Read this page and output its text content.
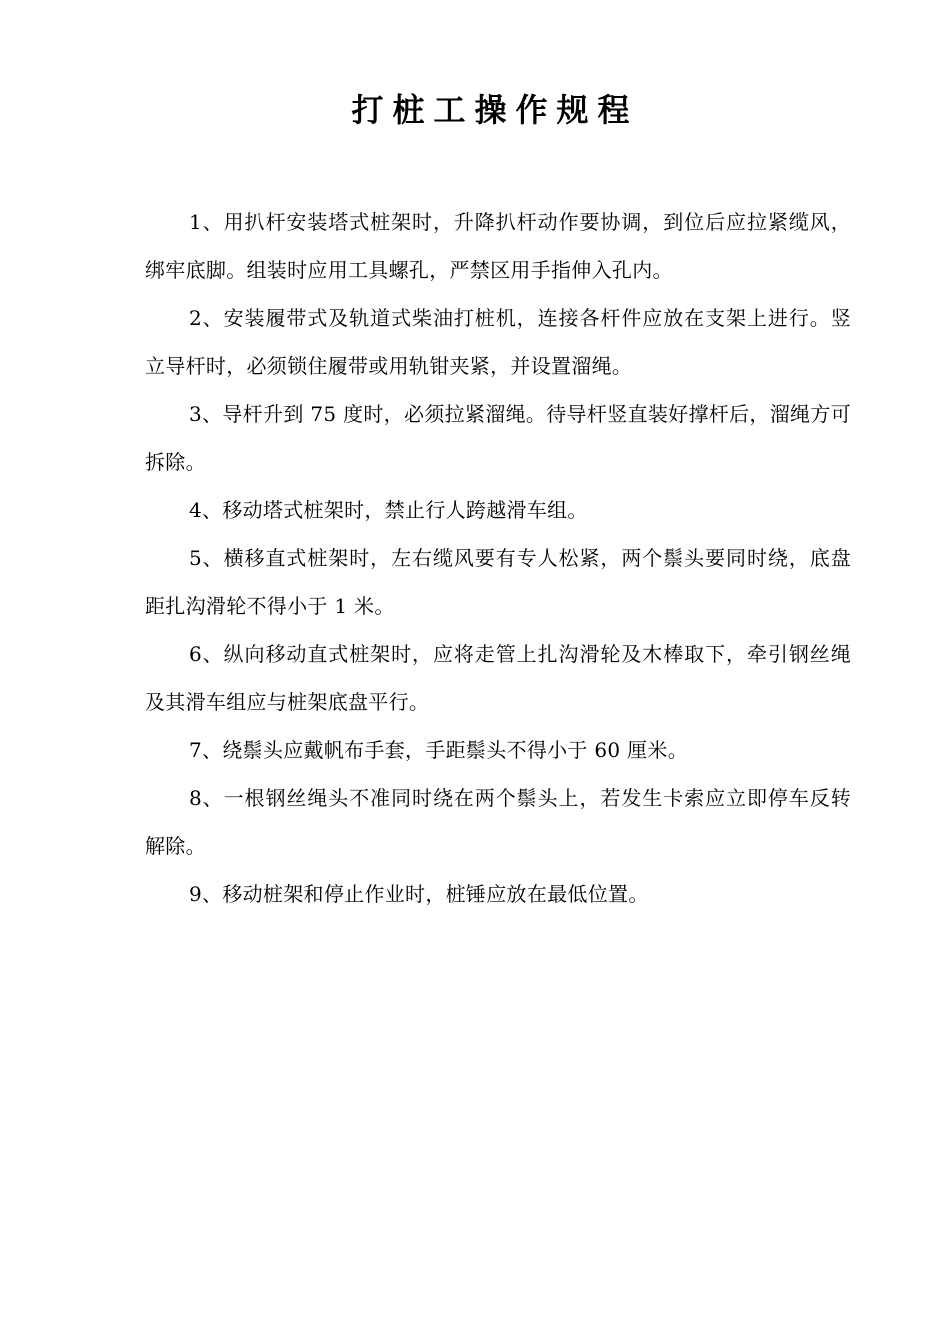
打桩工操作规程

1、用扒杆安装塔式桩架时，升降扒杆动作要协调，到位后应拉紧缆风，绑牢底脚。组装时应用工具螺孔，严禁区用手指伸入孔内。

2、安装履带式及轨道式柴油打桩机，连接各杆件应放在支架上进行。竖立导杆时，必须锁住履带或用轨钳夹紧，并设置溜绳。

3、导杆升到 75 度时，必须拉紧溜绳。待导杆竖直装好撑杆后，溜绳方可拆除。

4、移动塔式桩架时，禁止行人跨越滑车组。

5、横移直式桩架时，左右缆风要有专人松紧，两个鬃头要同时绕，底盘距扎沟滑轮不得小于 1 米。

6、纵向移动直式桩架时，应将走管上扎沟滑轮及木棒取下，牵引钢丝绳及其滑车组应与桩架底盘平行。

7、绕鬃头应戴帆布手套，手距鬃头不得小于 60 厘米。

8、一根钢丝绳头不准同时绕在两个鬃头上，若发生卡索应立即停车反转解除。

9、移动桩架和停止作业时，桩锤应放在最低位置。
